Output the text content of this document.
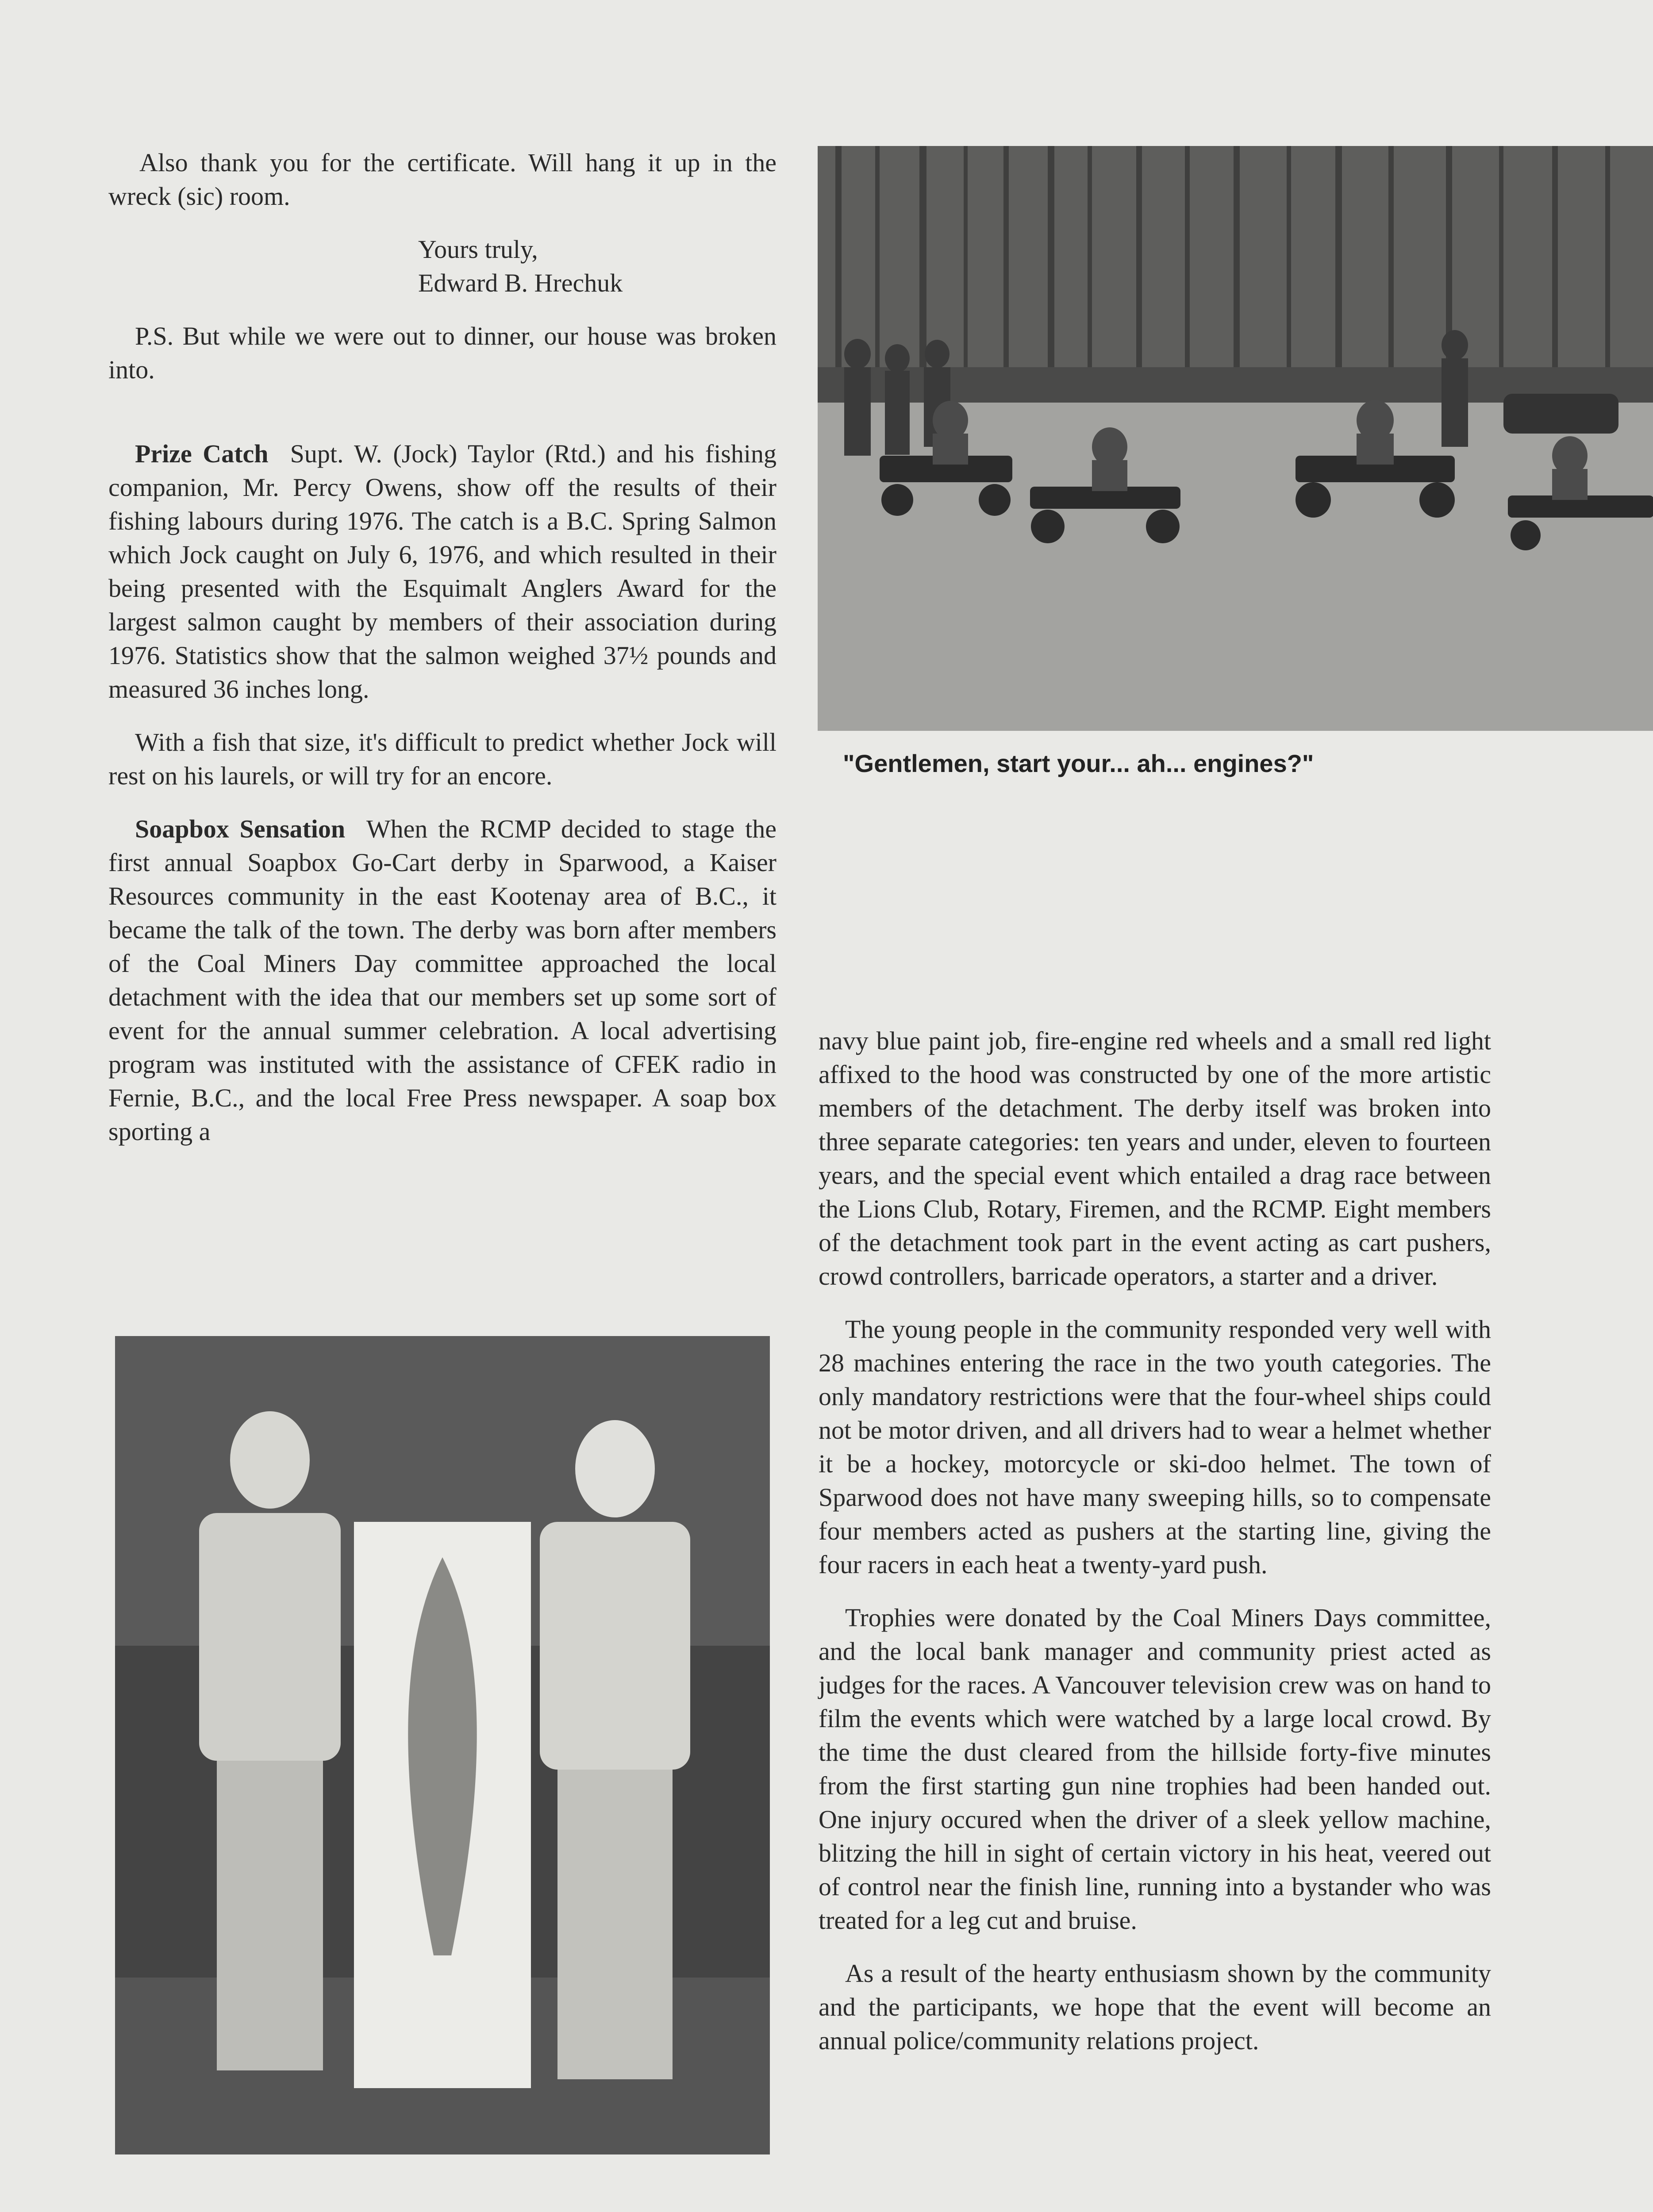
Also thank you for the certificate. Will hang it up in the wreck (sic) room.

Yours truly,
Edward B. Hrechuk

P.S. But while we were out to dinner, our house was broken into.

Prize Catch Supt. W. (Jock) Taylor (Rtd.) and his fishing companion, Mr. Percy Owens, show off the results of their fishing labours during 1976. The catch is a B.C. Spring Salmon which Jock caught on July 6, 1976, and which resulted in their being presented with the Esquimalt Anglers Award for the largest salmon caught by members of their association during 1976. Statistics show that the salmon weighed 37½ pounds and measured 36 inches long.

With a fish that size, it's difficult to predict whether Jock will rest on his laurels, or will try for an encore.

Soapbox Sensation When the RCMP decided to stage the first annual Soapbox Go-Cart derby in Sparwood, a Kaiser Resources community in the east Kootenay area of B.C., it became the talk of the town. The derby was born after members of the Coal Miners Day committee approached the local detachment with the idea that our members set up some sort of event for the annual summer celebration. A local advertising program was instituted with the assistance of CFEK radio in Fernie, B.C., and the local Free Press newspaper. A soap box sporting a

navy blue paint job, fire-engine red wheels and a small red light affixed to the hood was constructed by one of the more artistic members of the detachment. The derby itself was broken into three separate categories: ten years and under, eleven to fourteen years, and the special event which entailed a drag race between the Lions Club, Rotary, Firemen, and the RCMP. Eight members of the detachment took part in the event acting as cart pushers, crowd controllers, barricade operators, a starter and a driver.

The young people in the community responded very well with 28 machines entering the race in the two youth categories. The only mandatory restrictions were that the four-wheel ships could not be motor driven, and all drivers had to wear a helmet whether it be a hockey, motorcycle or ski-doo helmet. The town of Sparwood does not have many sweeping hills, so to compensate four members acted as pushers at the starting line, giving the four racers in each heat a twenty-yard push.

Trophies were donated by the Coal Miners Days committee, and the local bank manager and community priest acted as judges for the races. A Vancouver television crew was on hand to film the events which were watched by a large local crowd. By the time the dust cleared from the hillside forty-five minutes from the first starting gun nine trophies had been handed out. One injury occured when the driver of a sleek yellow machine, blitzing the hill in sight of certain victory in his heat, veered out of control near the finish line, running into a bystander who was treated for a leg cut and bruise.

As a result of the hearty enthusiasm shown by the community and the participants, we hope that the event will become an annual police/community relations project.

"Gentlemen, start your... ah... engines?"
